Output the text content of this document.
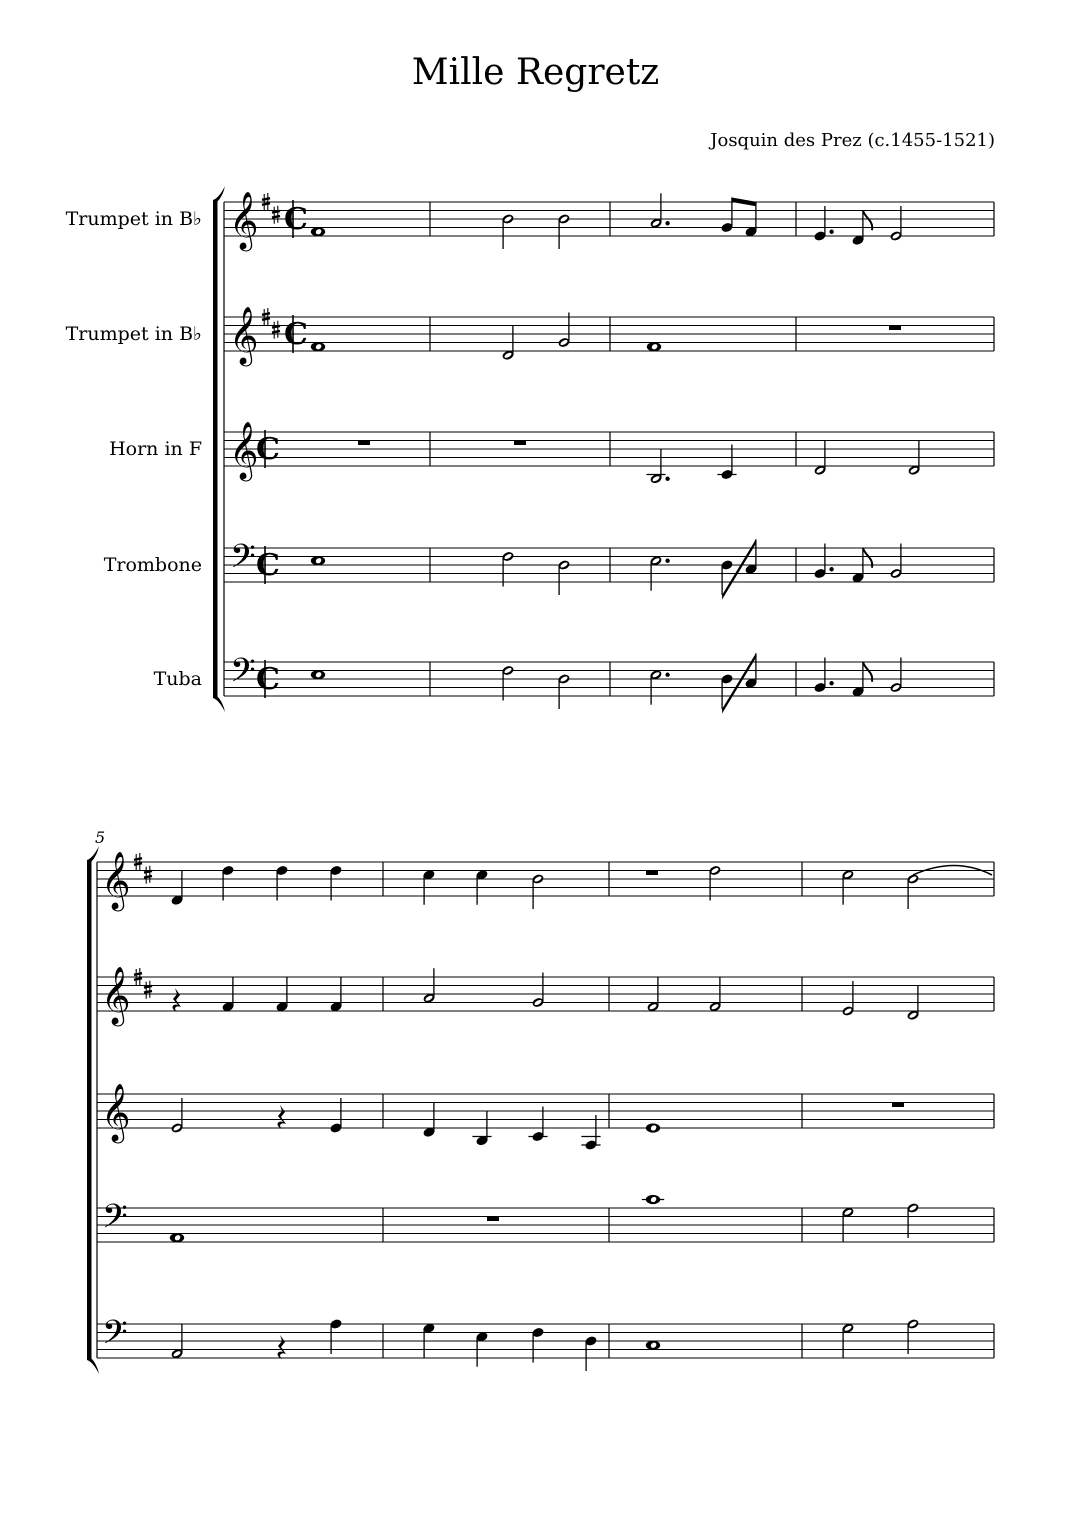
Mille Regretz
Josquin des Prez (c.1455-1521)
Trumpet in B♭
Trumpet in B♭
Horn in F
Trombone
Tuba
𝄞 C
𝄞 C
𝄞
C
𝄢 C
𝄢 C
𝄞
𝄞
𝄞
𝄢
𝄢
5
